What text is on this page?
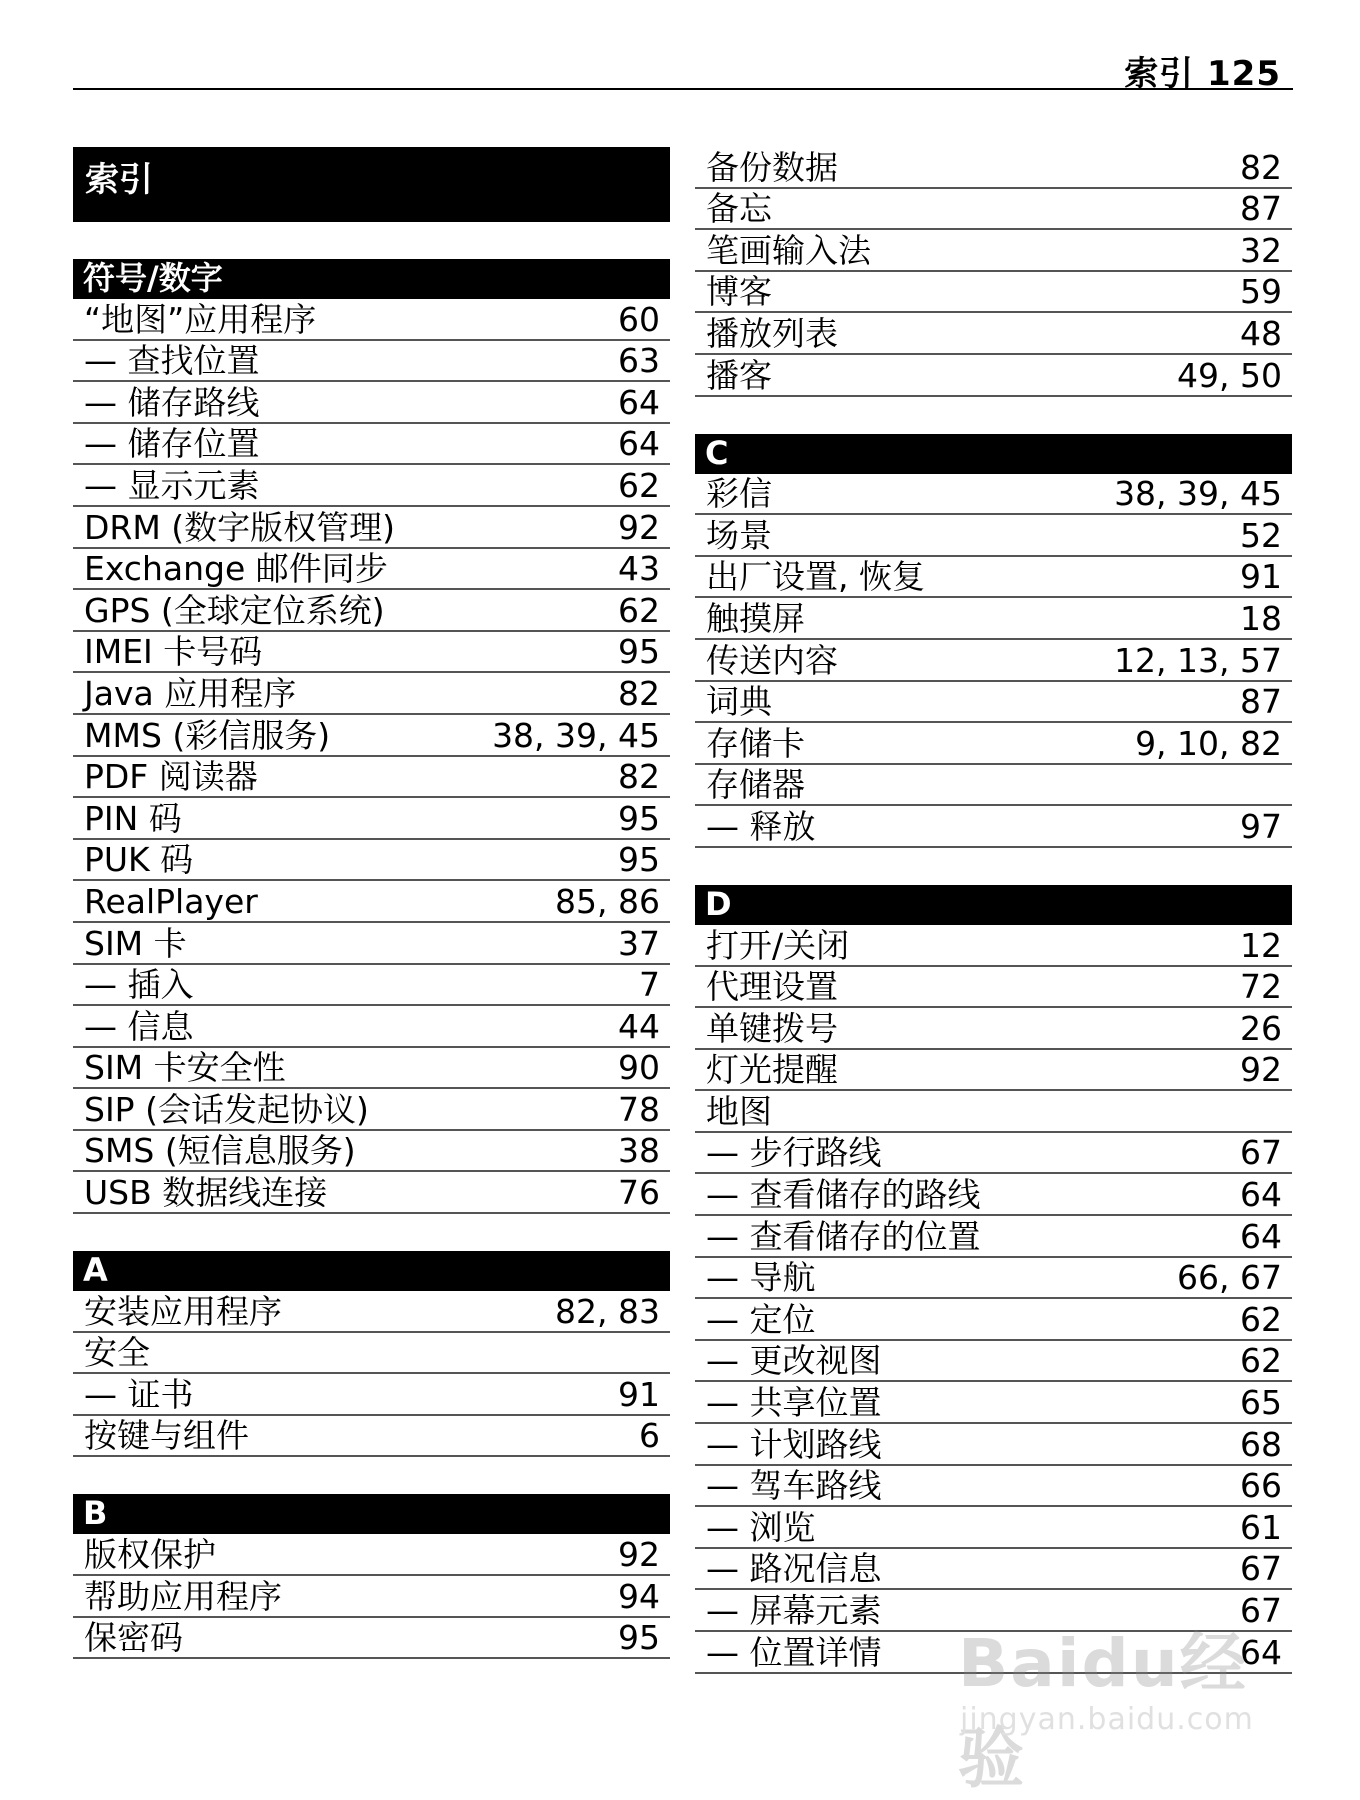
索引 125
索引
符号/数字
“地图”应用程序	60
— 查找位置	63
— 储存路线	64
— 储存位置	64
— 显示元素	62
DRM (数字版权管理)	92
Exchange 邮件同步	43
GPS (全球定位系统)	62
IMEI 卡号码	95
Java 应用程序	82
MMS (彩信服务)	38, 39, 45
PDF 阅读器	82
PIN 码	95
PUK 码	95
RealPlayer	85, 86
SIM 卡	37
— 插入	7
— 信息	44
SIM 卡安全性	90
SIP (会话发起协议)	78
SMS (短信息服务)	38
USB 数据线连接	76
A
安装应用程序	82, 83
安全
— 证书	91
按键与组件	6
B
版权保护	92
帮助应用程序	94
保密码	95
备份数据	82
备忘	87
笔画输入法	32
博客	59
播放列表	48
播客	49, 50
C
彩信	38, 39, 45
场景	52
出厂设置, 恢复	91
触摸屏	18
传送内容	12, 13, 57
词典	87
存储卡	9, 10, 82
存储器
— 释放	97
D
打开/关闭	12
代理设置	72
单键拨号	26
灯光提醒	92
地图
— 步行路线	67
— 查看储存的路线	64
— 查看储存的位置	64
— 导航	66, 67
— 定位	62
— 更改视图	62
— 共享位置	65
— 计划路线	68
— 驾车路线	66
— 浏览	61
— 路况信息	67
— 屏幕元素	67
— 位置详情	64
Baidu经验
jingyan.baidu.com
